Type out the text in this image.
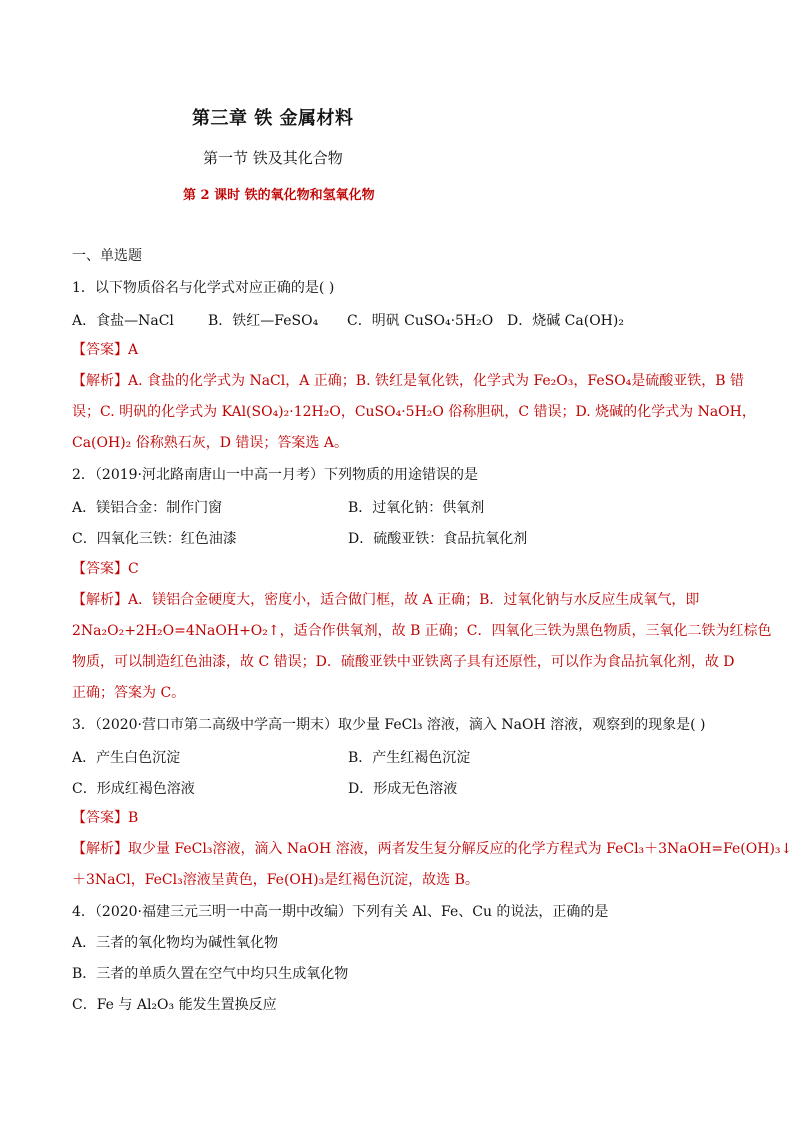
第三章 铁 金属材料
第一节 铁及其化合物
第 2 课时 铁的氧化物和氢氧化物
一、单选题
1．以下物质俗名与化学式对应正确的是( )
A．食盐—NaCl B．铁红—FeSO₄ C．明矾 CuSO₄·5H₂O D．烧碱 Ca(OH)₂
【答案】A
【解析】A. 食盐的化学式为 NaCl，A 正确；B. 铁红是氧化铁，化学式为 Fe₂O₃，FeSO₄是硫酸亚铁，B 错
误；C. 明矾的化学式为 KAl(SO₄)₂·12H₂O，CuSO₄·5H₂O 俗称胆矾，C 错误；D. 烧碱的化学式为 NaOH，
Ca(OH)₂ 俗称熟石灰，D 错误；答案选 A。
2．（2019·河北路南唐山一中高一月考）下列物质的用途错误的是
A．镁铝合金：制作门窗	B．过氧化钠：供氧剂
C．四氧化三铁：红色油漆	D．硫酸亚铁：食品抗氧化剂
【答案】C
【解析】A．镁铝合金硬度大，密度小，适合做门框，故 A 正确；B．过氧化钠与水反应生成氧气，即
2Na₂O₂+2H₂O=4NaOH+O₂↑，适合作供氧剂，故 B 正确；C．四氧化三铁为黑色物质，三氧化二铁为红棕色
物质，可以制造红色油漆，故 C 错误；D．硫酸亚铁中亚铁离子具有还原性，可以作为食品抗氧化剂，故 D
正确；答案为 C。
3．（2020·营口市第二高级中学高一期末）取少量 FeCl₃ 溶液，滴入 NaOH 溶液，观察到的现象是( )
A．产生白色沉淀	B．产生红褐色沉淀
C．形成红褐色溶液	D．形成无色溶液
【答案】B
【解析】取少量 FeCl₃溶液，滴入 NaOH 溶液，两者发生复分解反应的化学方程式为 FeCl₃＋3NaOH=Fe(OH)₃↓
＋3NaCl，FeCl₃溶液呈黄色，Fe(OH)₃是红褐色沉淀，故选 B。
4．（2020·福建三元三明一中高一期中改编）下列有关 Al、Fe、Cu 的说法，正确的是
A．三者的氧化物均为碱性氧化物
B．三者的单质久置在空气中均只生成氧化物
C．Fe 与 Al₂O₃ 能发生置换反应
